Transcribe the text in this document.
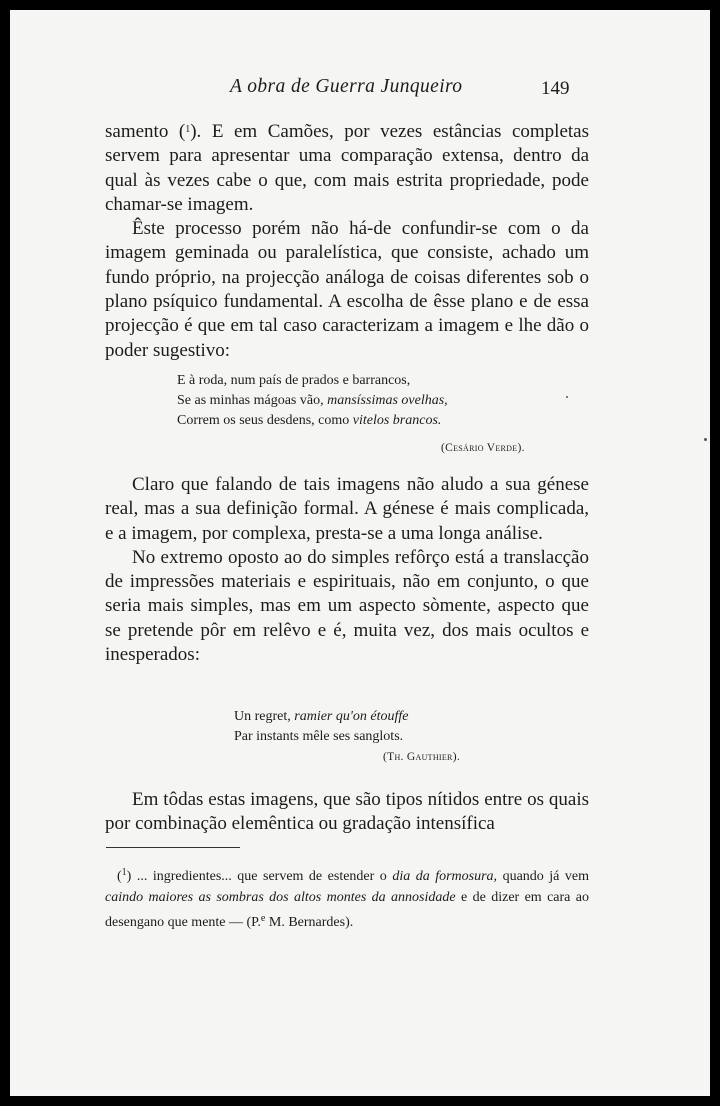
A obra de Guerra Junqueiro	149

samento ($^1$). E em Camões, por vezes estâncias completas servem para apresentar uma comparação extensa, dentro da qual às vezes cabe o que, com mais estrita propriedade, pode chamar-se imagem.

Êste processo porém não há-de confundir-se com o da imagem geminada ou paralelística, que consiste, achado um fundo próprio, na projecção análoga de coisas diferentes sob o plano psíquico fundamental. A escolha de êsse plano e de essa projecção é que em tal caso caracterizam a imagem e lhe dão o poder sugestivo:

E à roda, num país de prados e barrancos,
Se as minhas mágoas vão, mansíssimas ovelhas,
Correm os seus desdens, como vitelos brancos.
(Cesário Verde).

Claro que falando de tais imagens não aludo a sua génese real, mas a sua definição formal. A génese é mais complicada, e a imagem, por complexa, presta-se a uma longa análise.

No extremo oposto ao do simples refôrço está a translacção de impressões materiais e espirituais, não em conjunto, o que seria mais simples, mas em um aspecto sòmente, aspecto que se pretende pôr em relêvo e é, muita vez, dos mais ocultos e inesperados:

Un regret, ramier qu'on étouffe
Par instants mêle ses sanglots.
(Th. Gauthier).

Em tôdas estas imagens, que são tipos nítidos entre os quais por combinação elemêntica ou gradação intensífica

($^1$) ... ingredientes... que servem de estender o dia da formosura, quando já vem caindo maiores as sombras dos altos montes da annosidade e de dizer em cara ao desengano que mente — (P.$^e$ M. Bernardes).
